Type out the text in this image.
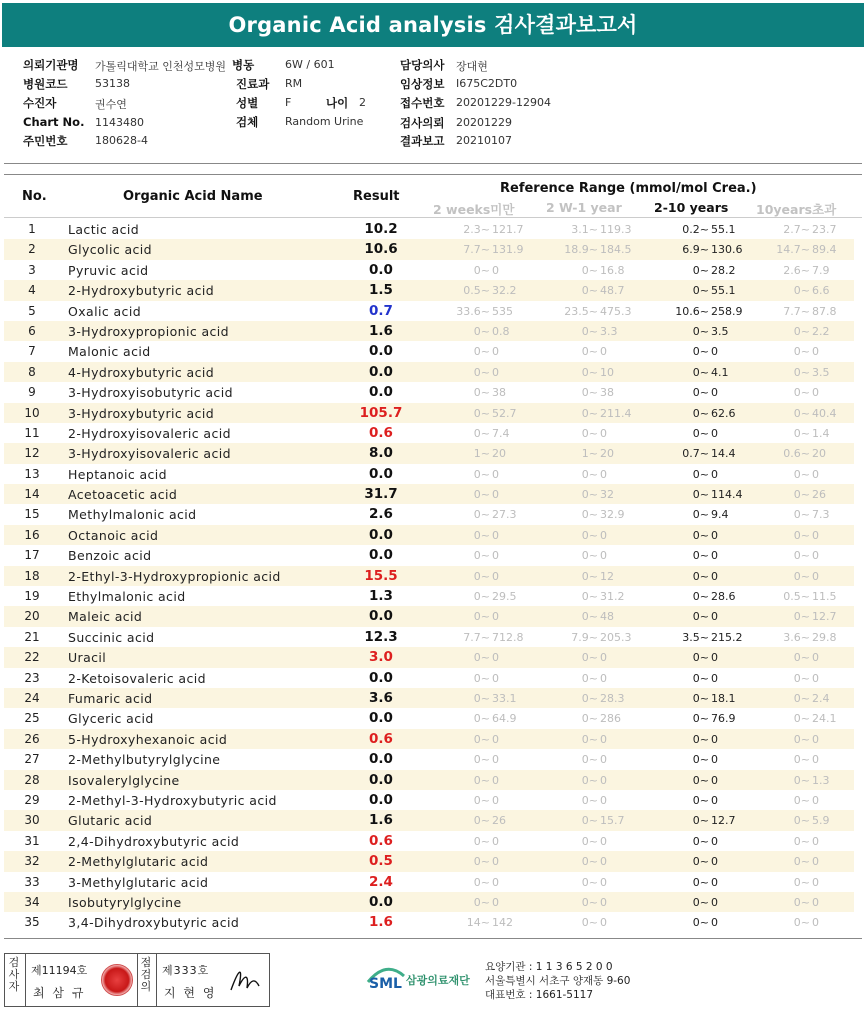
Organic Acid analysis 검사결과보고서
의뢰기관명 가톨릭대학교 인천성모병원 병동	6W / 601	담당의사 장대현
병원코드	53138	진료과 RM	임상정보 I675C2DT0
수진자	권수연	성별 F	나이 2	접수번호 20201229-12904
Chart No. 1143480	검체 Random Urine	검사의뢰 20201229
주민번호	180628-4	결과보고 20210107
No.	Organic Acid Name	Result
Reference Range (mmol/mol Crea.)
2 weeks미만	2 W-1 year	2-10 years 10years초과
1	Lactic acid	10.2	2.3~ 121.7	3.1~ 119.3	0.2~ 55.1	2.7~ 23.7
2	Glycolic acid	10.6	7.7~ 131.9	18.9~ 184.5	6.9~ 130.6	14.7~ 89.4
3	Pyruvic acid	0.0	0~ 0	0~ 16.8	0~ 28.2	2.6~ 7.9
4	2-Hydroxybutyric acid	1.5	0.5~ 32.2	0~ 48.7	0~ 55.1	0~ 6.6
5	Oxalic acid	0.7	33.6~ 535	23.5~ 475.3	10.6~ 258.9	7.7~ 87.8
6	3-Hydroxypropionic acid	1.6	0~ 0.8	0~ 3.3	0~ 3.5	0~ 2.2
7	Malonic acid	0.0	0~ 0	0~ 0	0~ 0	0~ 0
8	4-Hydroxybutyric acid	0.0	0~ 0	0~ 10	0~ 4.1	0~ 3.5
9	3-Hydroxyisobutyric acid	0.0	0~ 38	0~ 38	0~ 0	0~ 0
10	3-Hydroxybutyric acid	105.7	0~ 52.7	0~ 211.4	0~ 62.6	0~ 40.4
11	2-Hydroxyisovaleric acid	0.6	0~ 7.4	0~ 0	0~ 0	0~ 1.4
12	3-Hydroxyisovaleric acid	8.0	1~ 20	1~ 20	0.7~ 14.4	0.6~ 20
13	Heptanoic acid	0.0	0~ 0	0~ 0	0~ 0	0~ 0
14	Acetoacetic acid	31.7	0~ 0	0~ 32	0~ 114.4	0~ 26
15	Methylmalonic acid	2.6	0~ 27.3	0~ 32.9	0~ 9.4	0~ 7.3
16	Octanoic acid	0.0	0~ 0	0~ 0	0~ 0	0~ 0
17	Benzoic acid	0.0	0~ 0	0~ 0	0~ 0	0~ 0
18	2-Ethyl-3-Hydroxypropionic acid	15.5	0~ 0	0~ 12	0~ 0	0~ 0
19	Ethylmalonic acid	1.3	0~ 29.5	0~ 31.2	0~ 28.6	0.5~ 11.5
20	Maleic acid	0.0	0~ 0	0~ 48	0~ 0	0~ 12.7
21	Succinic acid	12.3	7.7~ 712.8	7.9~ 205.3	3.5~ 215.2	3.6~ 29.8
22	Uracil	3.0	0~ 0	0~ 0	0~ 0	0~ 0
23	2-Ketoisovaleric acid	0.0	0~ 0	0~ 0	0~ 0	0~ 0
24	Fumaric acid	3.6	0~ 33.1	0~ 28.3	0~ 18.1	0~ 2.4
25	Glyceric acid	0.0	0~ 64.9	0~ 286	0~ 76.9	0~ 24.1
26	5-Hydroxyhexanoic acid	0.6	0~ 0	0~ 0	0~ 0	0~ 0
27	2-Methylbutyrylglycine	0.0	0~ 0	0~ 0	0~ 0	0~ 0
28	Isovalerylglycine	0.0	0~ 0	0~ 0	0~ 0	0~ 1.3
29	2-Methyl-3-Hydroxybutyric acid	0.0	0~ 0	0~ 0	0~ 0	0~ 0
30	Glutaric acid	1.6	0~ 26	0~ 15.7	0~ 12.7	0~ 5.9
31	2,4-Dihydroxybutyric acid	0.6	0~ 0	0~ 0	0~ 0	0~ 0
32	2-Methylglutaric acid	0.5	0~ 0	0~ 0	0~ 0	0~ 0
33	3-Methylglutaric acid	2.4	0~ 0	0~ 0	0~ 0	0~ 0
34	Isobutyrylglycine	0.0	0~ 0	0~ 0	0~ 0	0~ 0
35	3,4-Dihydroxybutyric acid	1.6	14~ 142	0~ 0	0~ 0	0~ 0
검사자
제11194호
최 삼 규
점검의
제333호
지 현 영
SML 삼광의료재단
요양기관 : 1 1 3 6 5 2 0 0
서울특별시 서초구 양재동 9-60
대표번호 : 1661-5117
